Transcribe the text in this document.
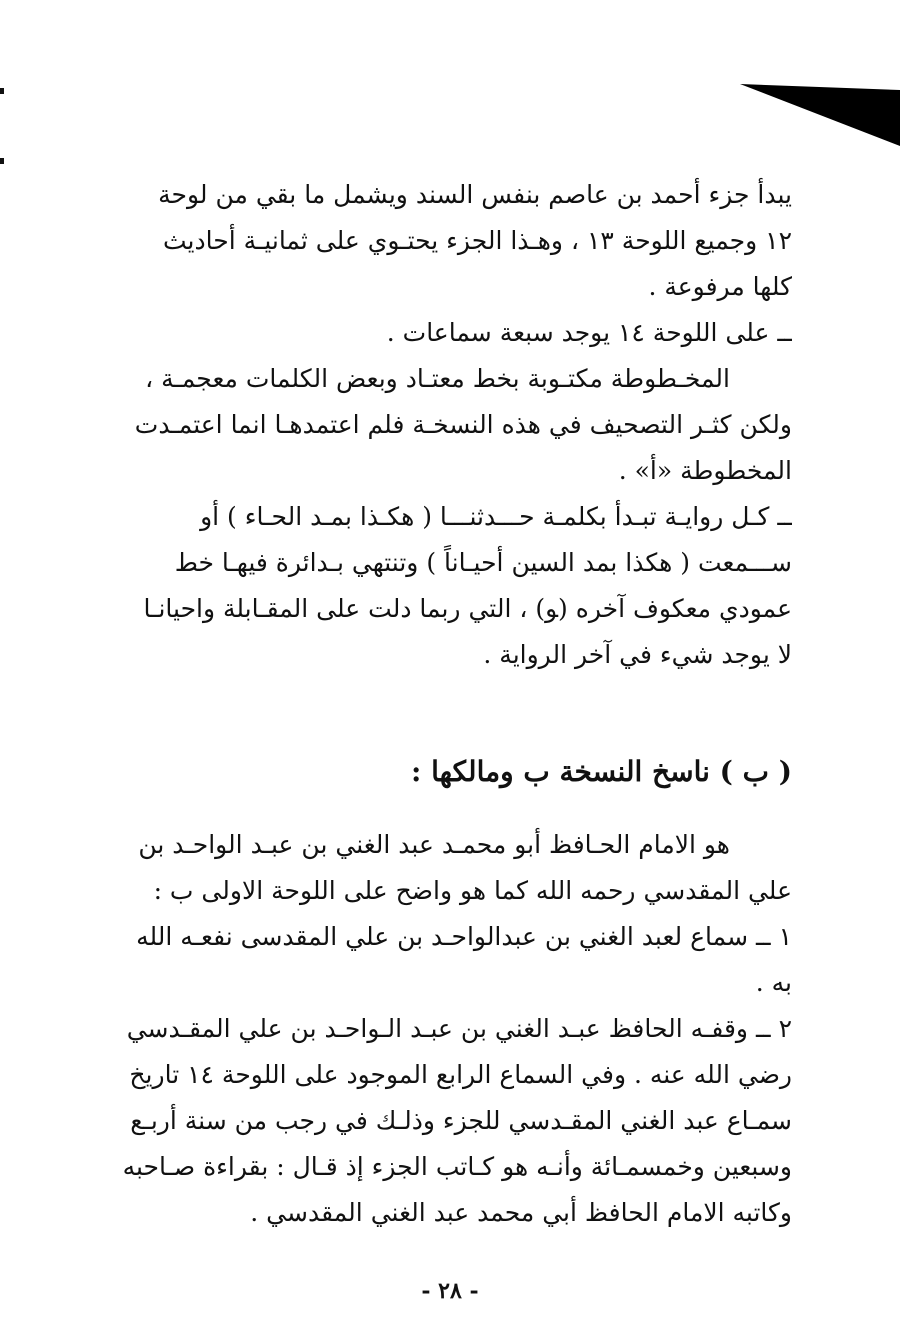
يبدأ جزء أحمد بن عاصم بنفس السند ويشمل ما بقي من لوحة
١٢ وجميع اللوحة ١٣ ، وهـذا الجزء يحتـوي على ثمانيـة أحاديث
كلها مرفوعة .
ــ على اللوحة ١٤ يوجد سبعة سماعات .
المخـطوطة مكتـوبة بخط معتـاد وبعض الكلمات معجمـة ،
ولكن كثـر التصحيف في هذه النسخـة فلم اعتمدهـا انما اعتمـدت
المخطوطة «أ» .
ــ كـل روايـة تبـدأ بكلمـة حـــدثنـــا ( هكـذا بمـد الحـاء ) أو
ســـمعت ( هكذا بمد السين أحيـاناً ) وتنتهي بـدائرة فيهـا خط
عمودي معكوف آخره (ﻮ) ، التي ربما دلت على المقـابلة واحيانـا
لا يوجد شيء في آخر الرواية .
( ب ) ناسخ النسخة ب ومالكها :
هو الامام الحـافظ أبو محمـد عبد الغني بن عبـد الواحـد بن
علي المقدسي رحمه الله كما هو واضح على اللوحة الاولى ب :
١ ــ سماع لعبد الغني بن عبدالواحـد بن علي المقدسى نفعـه الله
به .
٢ ــ وقفـه الحافظ عبـد الغني بن عبـد الـواحـد بن علي المقـدسي
رضي الله عنه . وفي السماع الرابع الموجود على اللوحة ١٤ تاريخ
سمـاع عبد الغني المقـدسي للجزء وذلـك في رجب من سنة أربـع
وسبعين وخمسمـائة وأنـه هو كـاتب الجزء إذ قـال : بقراءة صـاحبه
وكاتبه الامام الحافظ أبي محمد عبد الغني المقدسي .
- ٢٨ -
